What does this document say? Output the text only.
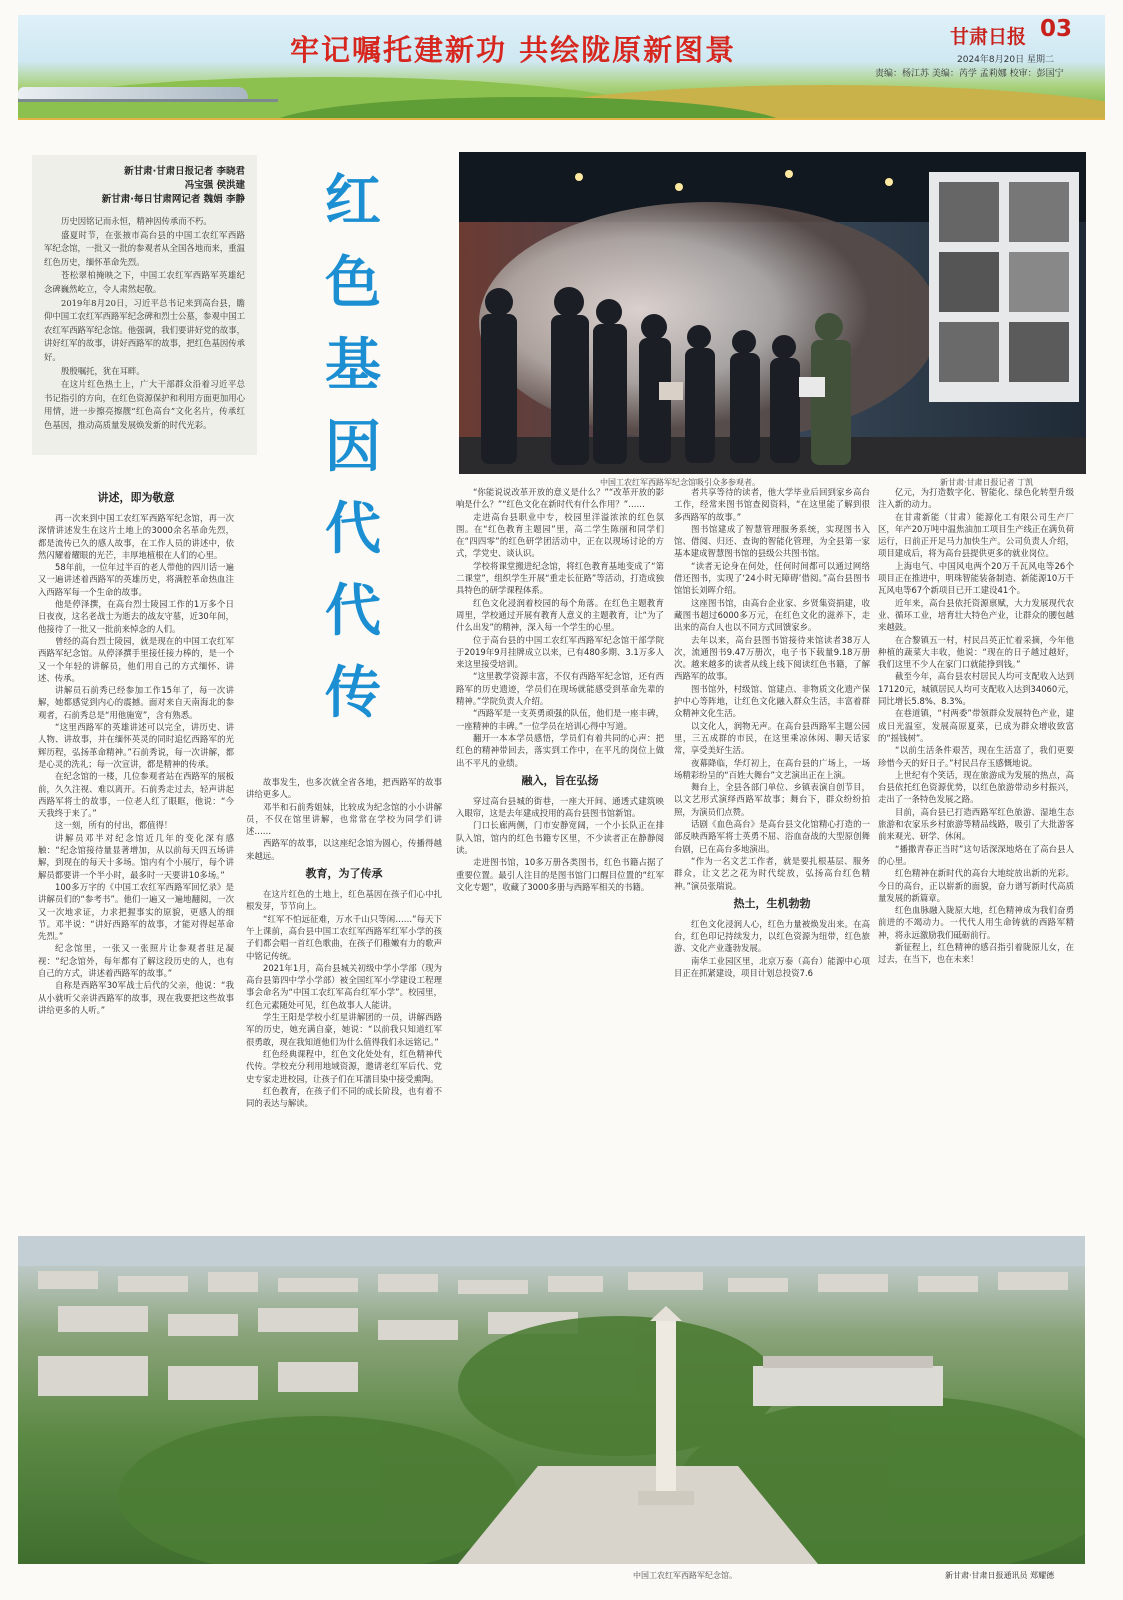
牢记嘱托建新功 共绘陇原新图景	甘肃日报 03
2024年8月20日 星期二
责编：杨江苏 美编：芮学 孟莉娜 校审：彭国宁
新甘肃·甘肃日报记者 李晓君
冯宝强 侯洪建
新甘肃·每日甘肃网记者 魏娟 李静

历史因铭记而永恒，精神因传承而不朽。

盛夏时节，在张掖市高台县的中国工农红军西路军纪念馆，一批又一批的参观者从全国各地而来，重温红色历史，缅怀革命先烈。

苍松翠柏掩映之下，中国工农红军西路军英雄纪念碑巍然屹立，令人肃然起敬。

2019年8月20日，习近平总书记来到高台县，瞻仰中国工农红军西路军纪念碑和烈士公墓，参观中国工农红军西路军纪念馆。他强调，我们要讲好党的故事，讲好红军的故事，讲好西路军的故事，把红色基因传承好。

殷殷嘱托，犹在耳畔。

在这片红色热土上，广大干部群众沿着习近平总书记指引的方向，在红色资源保护和利用方面更加用心用情，进一步擦亮擦靓“红色高台”文化名片，传承红色基因，推动高质量发展焕发新的时代光彩。

红
色
基
因
代
代
传
中国工农红军西路军纪念馆吸引众多参观者。	新甘肃·甘肃日报记者 丁凯
讲述，即为敬意

再一次来到中国工农红军西路军纪念馆，再一次深情讲述发生在这片土地上的3000余名革命先烈，都是流传已久的感人故事，在工作人员的讲述中，依然闪耀着耀眼的光芒，丰厚地植根在人们的心里。

58年前，一位年过半百的老人带他的四川话一遍又一遍讲述着西路军的英雄历史，将满腔革命热血注入西路军每一个生命的故事。

他是停泽撰，在高台烈士陵园工作的1万多个日日夜夜，这名老战士为逝去的战友守墓，近30年间，他接待了一批又一批前来悼念的人们。

曾经的高台烈士陵园，就是现在的中国工农红军西路军纪念馆。从停泽撰手里接任接力棒的，是一个又一个年轻的讲解员，他们用自己的方式缅怀、讲述、传承。

讲解员石前秀已经参加工作15年了，每一次讲解，她都感觉到内心的震撼。面对来自天南海北的参观者，石前秀总是“用他施宽”，含有熟悉。

“这里西路军的英雄讲述可以完全，讲历史、讲人物、讲故事，并在缅怀英灵的同时追忆西路军的光辉历程，弘扬革命精神。”石前秀说，每一次讲解，都是心灵的洗礼；每一次宣讲，都是精神的传承。

在纪念馆的一楼，几位参观者站在西路军的展板前，久久注视、难以离开。石前秀走过去，轻声讲起西路军将士的故事，一位老人红了眼眶，他说：“今天我终于来了。”

这一刻，所有的付出，都值得！

讲解员邓半对纪念馆近几年的变化深有感触：“纪念馆接待量显著增加，从以前每天四五场讲解，到现在的每天十多场。馆内有个小展厅，每个讲解员都要讲一个半小时，最多时一天要讲10多场。”

100多万字的《中国工农红军西路军回忆录》是讲解员们的“参考书”。他们一遍又一遍地翻阅，一次又一次地求证，力求把握事实的原貌，更感人的细节。邓半说：“讲好西路军的故事，才能对得起革命先烈。”

纪念馆里，一张又一张照片让参观者驻足凝视：“纪念馆外，每年都有了解这段历史的人，也有自己的方式，讲述着西路军的故事。”

自称是西路军30军战士后代的父亲，他说：“我从小就听父亲讲西路军的故事，现在我要把这些故事讲给更多的人听。”

故事发生，也多次就全省各地，把西路军的故事讲给更多人。

邓半和石前秀姐妹，比较成为纪念馆的小小讲解员，不仅在馆里讲解，也常常在学校为同学们讲述……

西路军的故事，以这座纪念馆为圆心，传播得越来越远。

教育，为了传承

在这片红色的土地上，红色基因在孩子们心中扎根发芽，节节向上。

“红军不怕远征难，万水千山只等闲……”每天下午上课前，高台县中国工农红军西路军红军小学的孩子们都会唱一首红色歌曲，在孩子们稚嫩有力的歌声中铭记传统。

2021年1月，高台县城关初级中学小学部（现为高台县第四中学小学部）被全国红军小学建设工程理事会命名为“中国工农红军高台红军小学”。校园里，红色元素随处可见，红色故事人人能讲。

学生王阳是学校小红星讲解团的一员，讲解西路军的历史，她充满自豪，她说：“以前我只知道红军很勇敢，现在我知道他们为什么值得我们永远铭记。”

红色经典课程中，红色文化处处有，红色精神代代传。学校充分利用地域资源，邀请老红军后代、党史专家走进校园，让孩子们在耳濡目染中接受熏陶。

红色教育，在孩子们不同的成长阶段，也有着不同的表达与解读。

“你能说说改革开放的意义是什么？”“改革开放的影响是什么？”“红色文化在新时代有什么作用？”……

走进高台县职业中专，校园里洋溢浓浓的红色氛围。在“红色教育主题园”里，高二学生陈丽和同学们在“四四零”的红色研学团活动中，正在以现场讨论的方式，学党史、谈认识。

学校将课堂搬进纪念馆，将红色教育基地变成了“第二课堂”，组织学生开展“重走长征路”等活动，打造成独具特色的研学课程体系。

红色文化浸润着校园的每个角落。在红色主题教育周里，学校通过开展有教育人意义的主题教育，让“为了什么出发”的精神，深入每一个学生的心里。

位于高台县的中国工农红军西路军纪念馆干部学院于2019年9月挂牌成立以来，已有480多期、3.1万多人来这里接受培训。

“这里教学资源丰富，不仅有西路军纪念馆，还有西路军的历史遗迹，学员们在现场就能感受到革命先辈的精神。”学院负责人介绍。

“西路军是一支英勇顽强的队伍，他们是一座丰碑，一座精神的丰碑。”一位学员在培训心得中写道。

翻开一本本学员感悟，学员们有着共同的心声：把红色的精神带回去，落实到工作中，在平凡的岗位上做出不平凡的业绩。

融入，旨在弘扬

穿过高台县城的街巷，一座大开间、通透式建筑映入眼帘，这是去年建成投用的高台县图书馆新馆。

门口长廊两侧，门市安静宽阔，一个小长队正在排队入馆，馆内的红色书籍专区里，不少读者正在静静阅读。

走进图书馆，10多万册各类图书，红色书籍占据了重要位置。最引人注目的是图书馆门口醒目位置的“红军文化专题”，收藏了3000多册与西路军相关的书籍。

者共享等待的读者，他大学毕业后回到家乡高台工作，经常来图书馆查阅资料，“在这里能了解到很多西路军的故事。”

图书馆建成了智慧管理服务系统，实现图书入馆、借阅、归还、查询的智能化管理，为全县第一家基本建成智慧图书馆的县级公共图书馆。

“读者无论身在何处，任何时间都可以通过网络借还图书，实现了‘24小时无障碍’借阅。”高台县图书馆馆长刘晖介绍。

这座图书馆，由高台企业家、乡贤集资捐建，收藏图书超过6000多万元，在红色文化的滋养下，走出来的高台人也以不同方式回馈家乡。

去年以来，高台县图书馆接待来馆读者38万人次，流通图书9.47万册次，电子书下载量9.18万册次。越来越多的读者从线上线下阅读红色书籍，了解西路军的故事。

图书馆外，村级馆、馆建点、非物质文化遗产保护中心等阵地，让红色文化融入群众生活，丰富着群众精神文化生活。

以文化人，润物无声。在高台县西路军主题公园里，三五成群的市民，在这里乘凉休闲、聊天话家常，享受美好生活。

夜幕降临，华灯初上，在高台县的广场上，一场场精彩纷呈的“百姓大舞台”文艺演出正在上演。

舞台上，全县各部门单位、乡镇表演自创节目，以文艺形式演绎西路军故事；舞台下，群众纷纷拍照，为演员们点赞。

话剧《血色高台》是高台县文化馆精心打造的一部反映西路军将士英勇不屈、浴血奋战的大型原创舞台剧，已在高台多地演出。

“作为一名文艺工作者，就是要扎根基层、服务群众，让文艺之花为时代绽放，弘扬高台红色精神。”演员张瑞说。

热土，生机勃勃

红色文化浸润人心，红色力量被焕发出来。在高台，红色印记持续发力，以红色资源为纽带，红色旅游、文化产业蓬勃发展。

南华工业园区里，北京万泰（高台）能源中心项目正在抓紧建设，项目计划总投资7.6

亿元，为打造数字化、智能化、绿色化转型升级注入新的动力。

在甘肃新能（甘肃）能源化工有限公司生产厂区，年产20万吨中温焦油加工项目生产线正在满负荷运行，日前正开足马力加快生产。公司负责人介绍，项目建成后，将为高台县提供更多的就业岗位。

上海电气、中国风电两个20万千瓦风电等26个项目正在推进中，明珠智能装备制造、新能源10万千瓦风电等67个新项目已开工建设41个。

近年来，高台县依托资源禀赋，大力发展现代农业、循环工业，培育壮大特色产业，让群众的腰包越来越鼓。

在合黎镇五一村，村民吕英正忙着采摘，今年他种植的蔬菜大丰收，他说：“现在的日子越过越好，我们这里不少人在家门口就能挣到钱。”

截至今年，高台县农村居民人均可支配收入达到17120元，城镇居民人均可支配收入达到34060元，同比增长5.8%、8.3%。

在巷道镇，“村两委”带领群众发展特色产业，建成日光温室，发展高原夏菜，已成为群众增收致富的“摇钱树”。

“以前生活条件艰苦，现在生活富了，我们更要珍惜今天的好日子。”村民吕存玉感慨地说。

上世纪有个笑话，现在旅游成为发展的热点，高台县依托红色资源优势，以红色旅游带动乡村振兴，走出了一条特色发展之路。

目前，高台县已打造西路军红色旅游、湿地生态旅游和农家乐乡村旅游等精品线路，吸引了大批游客前来观光、研学、休闲。

“播撒青春正当时”这句话深深地烙在了高台县人的心里。

红色精神在新时代的高台大地绽放出新的光彩。今日的高台，正以崭新的面貌，奋力谱写新时代高质量发展的新篇章。

红色血脉融入陇原大地，红色精神成为我们奋勇前进的不竭动力。一代代人用生命铸就的西路军精神，将永远激励我们砥砺前行。

新征程上，红色精神的感召指引着陇原儿女，在过去，在当下，也在未来！

中国工农红军西路军纪念馆。	新甘肃·甘肃日报通讯员 郑耀德
